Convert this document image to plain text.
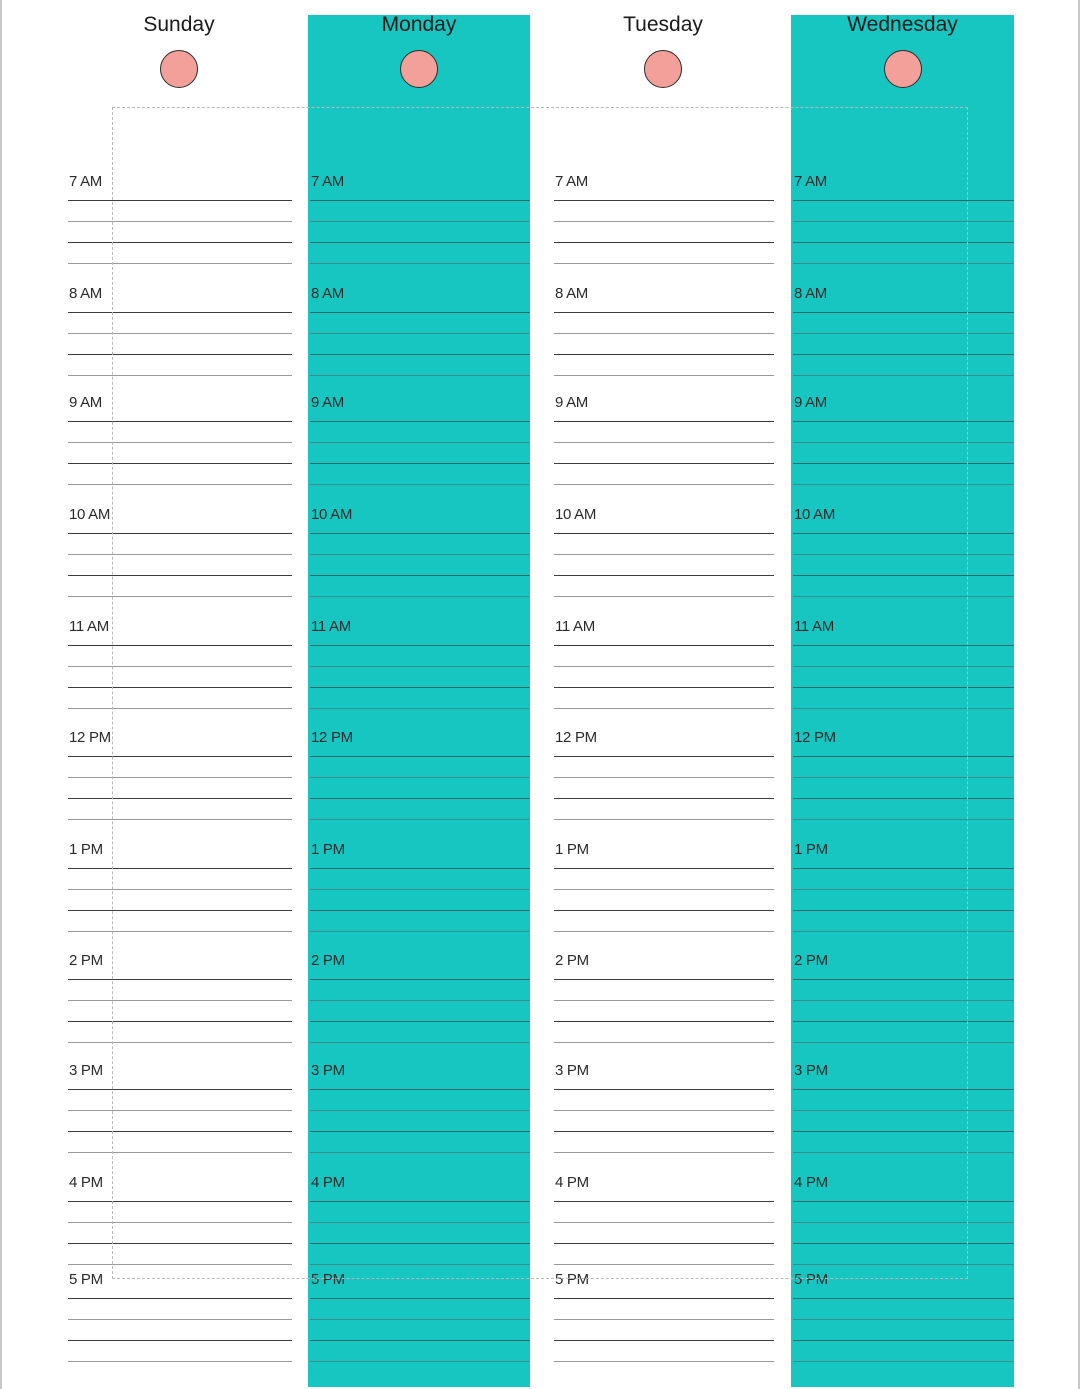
Sunday
7 AM
8 AM
9 AM
10 AM
11 AM
12 PM
1 PM
2 PM
3 PM
4 PM
5 PM
Monday
7 AM
8 AM
9 AM
10 AM
11 AM
12 PM
1 PM
2 PM
3 PM
4 PM
5 PM
Tuesday
7 AM
8 AM
9 AM
10 AM
11 AM
12 PM
1 PM
2 PM
3 PM
4 PM
5 PM
Wednesday
7 AM
8 AM
9 AM
10 AM
11 AM
12 PM
1 PM
2 PM
3 PM
4 PM
5 PM
